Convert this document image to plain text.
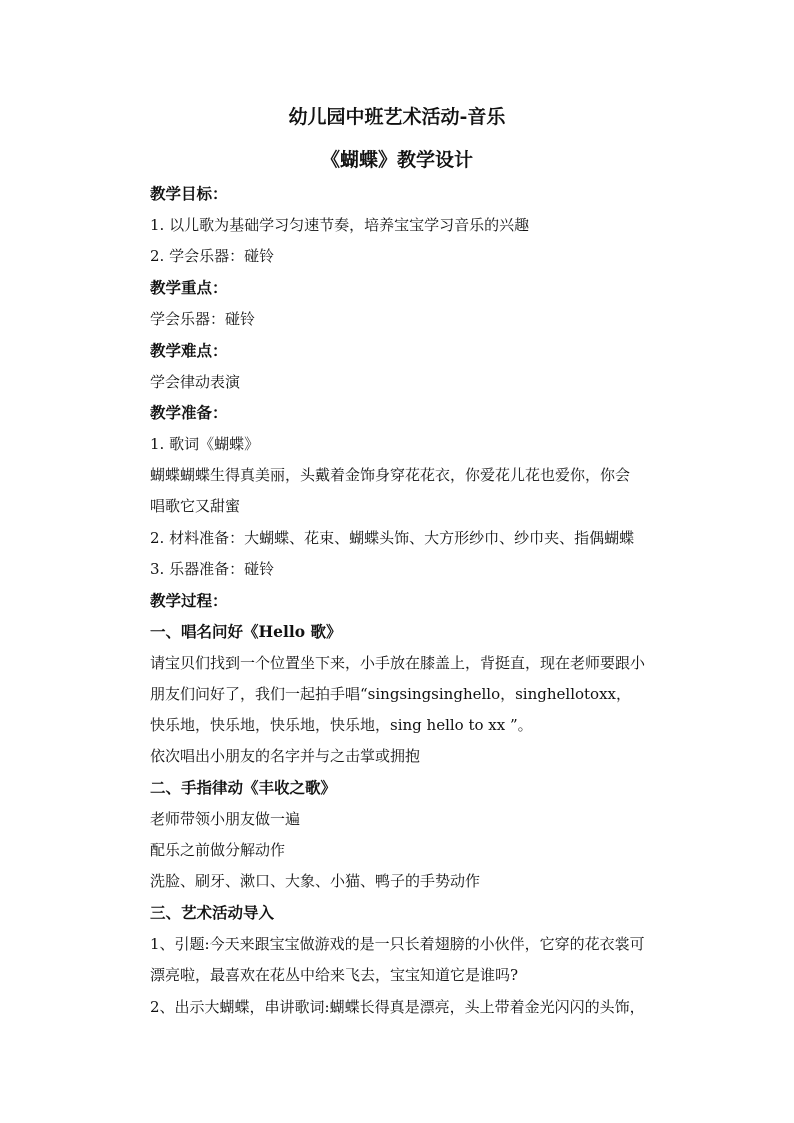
幼儿园中班艺术活动-音乐
《蝴蝶》教学设计
教学目标：
1. 以儿歌为基础学习匀速节奏，培养宝宝学习音乐的兴趣
2. 学会乐器：碰铃
教学重点：
学会乐器：碰铃
教学难点：
学会律动表演
教学准备：
1. 歌词《蝴蝶》
蝴蝶蝴蝶生得真美丽，头戴着金饰身穿花花衣，你爱花儿花也爱你，你会
唱歌它又甜蜜
2. 材料准备：大蝴蝶、花束、蝴蝶头饰、大方形纱巾、纱巾夹、指偶蝴蝶
3. 乐器准备：碰铃
教学过程：
一、唱名问好《Hello 歌》
请宝贝们找到一个位置坐下来，小手放在膝盖上，背挺直，现在老师要跟小
朋友们问好了，我们一起拍手唱“singsingsinghello，singhellotoxx，
快乐地，快乐地，快乐地，快乐地，sing hello to xx ”。
依次唱出小朋友的名字并与之击掌或拥抱
二、手指律动《丰收之歌》
老师带领小朋友做一遍
配乐之前做分解动作
洗脸、刷牙、漱口、大象、小猫、鸭子的手势动作
三、艺术活动导入
1、引题:今天来跟宝宝做游戏的是一只长着翅膀的小伙伴，它穿的花衣裳可
漂亮啦，最喜欢在花丛中给来飞去，宝宝知道它是谁吗?
2、出示大蝴蝶，串讲歌词:蝴蝶长得真是漂亮，头上带着金光闪闪的头饰，
